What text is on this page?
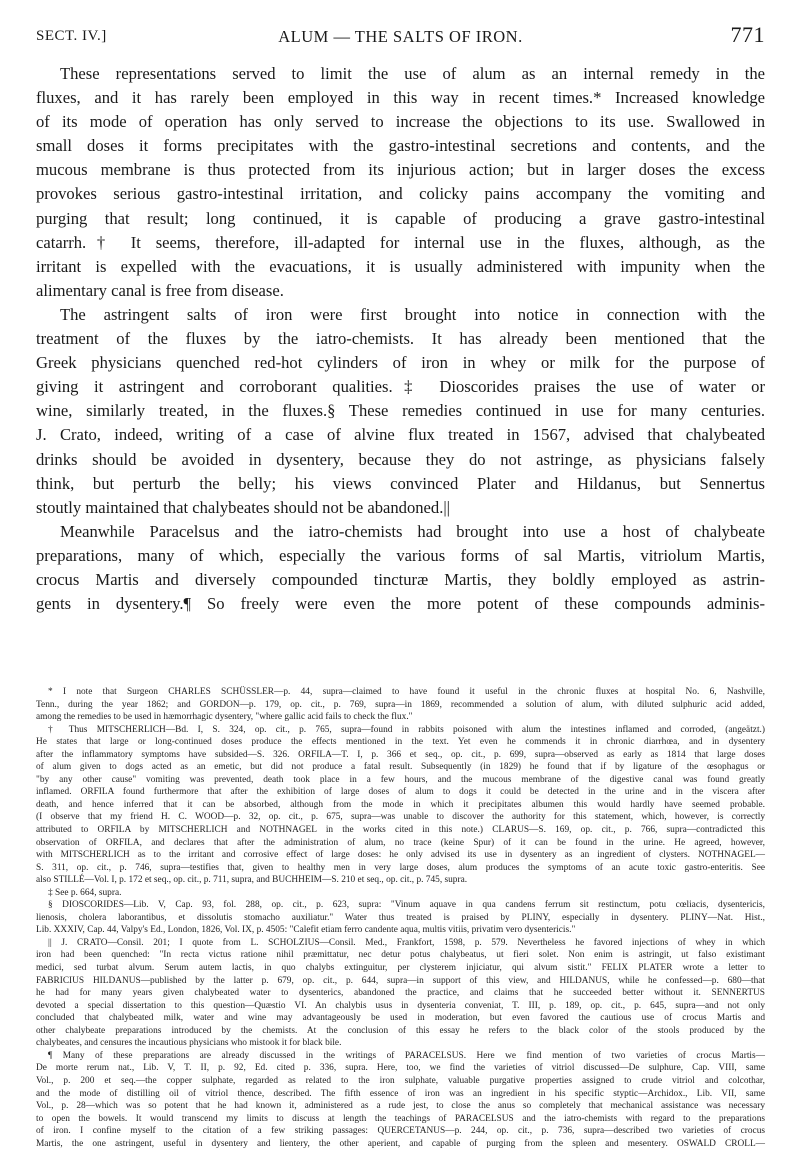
SECT. IV.]	ALUM — THE SALTS OF IRON.	771
These representations served to limit the use of alum as an internal remedy in the
fluxes, and it has rarely been employed in this way in recent times.* Increased knowledge
of its mode of operation has only served to increase the objections to its use. Swallowed in
small doses it forms precipitates with the gastro-intestinal secretions and contents, and the
mucous membrane is thus protected from its injurious action; but in larger doses the excess
provokes serious gastro-intestinal irritation, and colicky pains accompany the vomiting and
purging that result; long continued, it is capable of producing a grave gastro-intestinal
catarrh.† It seems, therefore, ill-adapted for internal use in the fluxes, although, as the
irritant is expelled with the evacuations, it is usually administered with impunity when the
alimentary canal is free from disease.
The astringent salts of iron were first brought into notice in connection with the
treatment of the fluxes by the iatro-chemists. It has already been mentioned that the
Greek physicians quenched red-hot cylinders of iron in whey or milk for the purpose of
giving it astringent and corroborant qualities.‡ Dioscorides praises the use of water or
wine, similarly treated, in the fluxes.§ These remedies continued in use for many centuries.
J. Crato, indeed, writing of a case of alvine flux treated in 1567, advised that chalybeated
drinks should be avoided in dysentery, because they do not astringe, as physicians falsely
think, but perturb the belly; his views convinced Plater and Hildanus, but Sennertus
stoutly maintained that chalybeates should not be abandoned.||
Meanwhile Paracelsus and the iatro-chemists had brought into use a host of chalybeate
preparations, many of which, especially the various forms of sal Martis, vitriolum Martis,
crocus Martis and diversely compounded tincturæ Martis, they boldly employed as astrin-
gents in dysentery.¶ So freely were even the more potent of these compounds adminis-
* I note that Surgeon CHARLES SCHÜSSLER—p. 44, supra—claimed to have found it useful in the chronic fluxes at hospital No. 6, Nashville,
Tenn., during the year 1862; and GORDON—p. 179, op. cit., p. 769, supra—in 1869, recommended a solution of alum, with diluted sulphuric acid added,
among the remedies to be used in hæmorrhagic dysentery, "where gallic acid fails to check the flux."
† Thus MITSCHERLICH—Bd. I, S. 324, op. cit., p. 765, supra—found in rabbits poisoned with alum the intestines inflamed and corroded, (angeätzt.)
He states that large or long-continued doses produce the effects mentioned in the text. Yet even he commends it in chronic diarrhœa, and in dysentery
after the inflammatory symptoms have subsided—S. 326. ORFILA—T. I, p. 366 et seq., op. cit., p. 699, supra—observed as early as 1814 that large doses
of alum given to dogs acted as an emetic, but did not produce a fatal result. Subsequently (in 1829) he found that if by ligature of the œsophagus or
"by any other cause" vomiting was prevented, death took place in a few hours, and the mucous membrane of the digestive canal was found greatly
inflamed. ORFILA found furthermore that after the exhibition of large doses of alum to dogs it could be detected in the urine and in the viscera after
death, and hence inferred that it can be absorbed, although from the mode in which it precipitates albumen this would hardly have seemed probable.
(I observe that my friend H. C. WOOD—p. 32, op. cit., p. 675, supra—was unable to discover the authority for this statement, which, however, is correctly
attributed to ORFILA by MITSCHERLICH and NOTHNAGEL in the works cited in this note.) CLARUS—S. 169, op. cit., p. 766, supra—contradicted this
observation of ORFILA, and declares that after the administration of alum, no trace (keine Spur) of it can be found in the urine. He agreed, however,
with MITSCHERLICH as to the irritant and corrosive effect of large doses: he only advised its use in dysentery as an ingredient of clysters. NOTHNAGEL—
S. 311, op. cit., p. 746, supra—testifies that, given to healthy men in very large doses, alum produces the symptoms of an acute toxic gastro-enteritis. See
also STILLÉ—Vol. I, p. 172 et seq., op. cit., p. 711, supra, and BUCHHEIM—S. 210 et seq., op. cit., p. 745, supra.
‡ See p. 664, supra.
§ DIOSCORIDES—Lib. V, Cap. 93, fol. 288, op. cit., p. 623, supra: "Vinum aquave in qua candens ferrum sit restinctum, potu cœliacis, dysentericis,
lienosis, cholera laborantibus, et dissolutis stomacho auxiliatur." Water thus treated is praised by PLINY, especially in dysentery. PLINY—Nat. Hist.,
Lib. XXXIV, Cap. 44, Valpy's Ed., London, 1826, Vol. IX, p. 4505: "Calefit etiam ferro candente aqua, multis vitiis, privatim vero dysentericis."
|| J. CRATO—Consil. 201; I quote from L. SCHOLZIUS—Consil. Med., Frankfort, 1598, p. 579. Nevertheless he favored injections of whey in which
iron had been quenched: "In recta victus ratione nihil præmittatur, nec detur potus chalybeatus, ut fieri solet. Non enim is astringit, ut falso existimant
medici, sed turbat alvum. Serum autem lactis, in quo chalybs extinguitur, per clysterem injiciatur, qui alvum sistit." FELIX PLATER wrote a letter to
FABRICIUS HILDANUS—published by the latter p. 679, op. cit., p. 644, supra—in support of this view, and HILDANUS, while he confessed—p. 680—that
he had for many years given chalybeated water to dysenterics, abandoned the practice, and claims that he succeeded better without it. SENNERTUS
devoted a special dissertation to this question—Quæstio VI. An chalybis usus in dysenteria conveniat, T. III, p. 189, op. cit., p. 645, supra—and not only
concluded that chalybeated milk, water and wine may advantageously be used in moderation, but even favored the cautious use of crocus Martis and
other chalybeate preparations introduced by the chemists. At the conclusion of this essay he refers to the black color of the stools produced by the
chalybeates, and censures the incautious physicians who mistook it for black bile.
¶ Many of these preparations are already discussed in the writings of PARACELSUS. Here we find mention of two varieties of crocus Martis—
De morte rerum nat., Lib. V, T. II, p. 92, Ed. cited p. 336, supra. Here, too, we find the varieties of vitriol discussed—De sulphure, Cap. VIII, same
Vol., p. 200 et seq.—the copper sulphate, regarded as related to the iron sulphate, valuable purgative properties assigned to crude vitriol and colcothar,
and the mode of distilling oil of vitriol thence, described. The fifth essence of iron was an ingredient in his specific styptic—Archidox., Lib. VII, same
Vol., p. 28—which was so potent that he had known it, administered as a rude jest, to close the anus so completely that mechanical assistance was necessary
to open the bowels. It would transcend my limits to discuss at length the teachings of PARACELSUS and the iatro-chemists with regard to the preparations
of iron. I confine myself to the citation of a few striking passages: QUERCETANUS—p. 244, op. cit., p. 736, supra—described two varieties of crocus
Martis, the one astringent, useful in dysentery and lientery, the other aperient, and capable of purging from the spleen and mesentery. OSWALD CROLL—
